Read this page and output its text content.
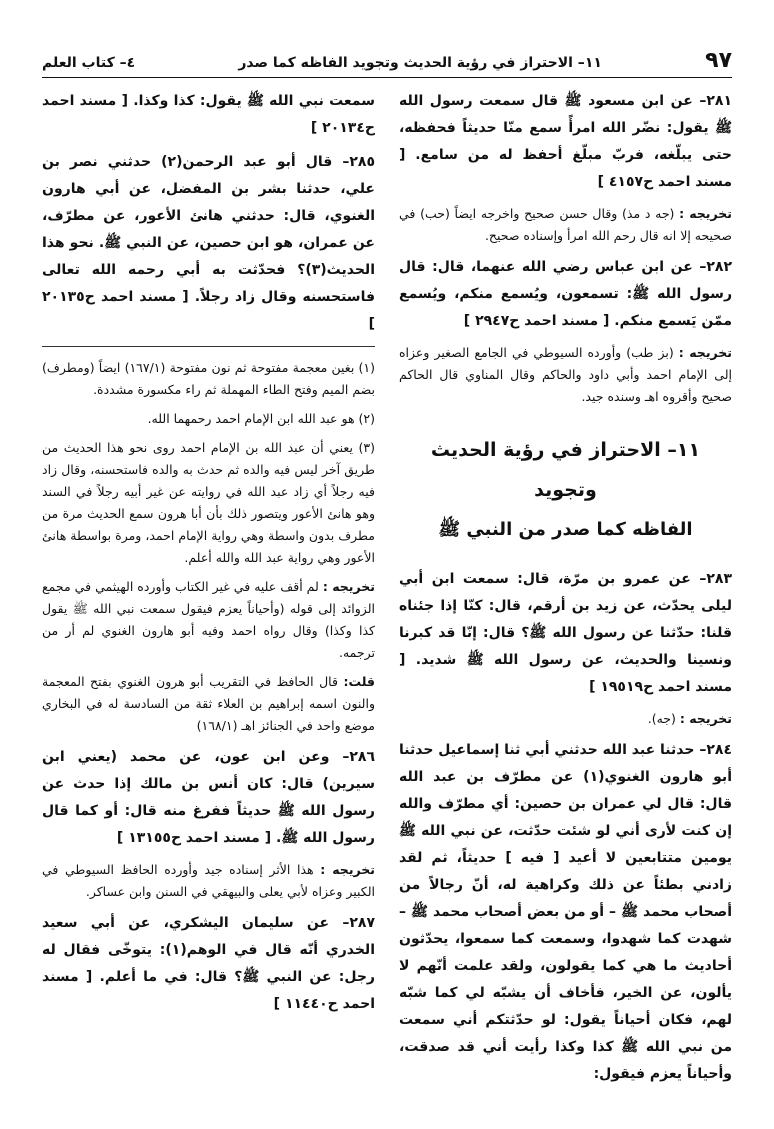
٩٧
١١– الاحتراز في رؤية الحديث وتجويد الفاظه كما صدر
٤– كتاب العلم

٢٨١– عن ابن مسعود ﷺ قال سمعت رسول الله ﷺ يقول: نضّر الله امرأً سمع منّا حديثاً فحفظه، حتى يبلّغه، فربّ مبلّغ أحفظ له من سامع. [ مسند احمد ح٤١٥٧ ]

تخريجه : (جه د مذ) وقال حسن صحيح واخرجه ايضاً (حب) في صحيحه إلا انه قال رحم الله امرأ وإسناده صحيح.

٢٨٢– عن ابن عباس رضي الله عنهما، قال: قال رسول الله ﷺ: تسمعون، ويُسمع منكم، ويُسمع ممّن يَسمع منكم. [ مسند احمد ح٢٩٤٧ ]

تخريجه : (بز طب) وأورده السيوطي في الجامع الصغير وعزاه إلى الإمام احمد وأبي داود والحاكم وقال المناوي قال الحاكم صحيح وأقروه اهـ وسنده جيد.

١١– الاحتراز في رؤية الحديث وتجويد
الفاظه كما صدر من النبي ﷺ

٢٨٣– عن عمرو بن مرّة، قال: سمعت ابن أبي ليلى يحدّث، عن زيد بن أرقم، قال: كنّا إذا جئناه قلنا: حدّثنا عن رسول الله ﷺ؟ قال: إنّا قد كبرنا ونسينا والحديث، عن رسول الله ﷺ شديد. [ مسند احمد ح١٩٥١٩ ]

تخريجه : (جه).

٢٨٤– حدثنا عبد الله حدثني أبي ثنا إسماعيل حدثنا أبو هارون الغنوي(١) عن مطرّف بن عبد الله قال: قال لي عمران بن حصين: أي مطرّف والله إن كنت لأرى أني لو شئت حدّثت، عن نبي الله ﷺ يومين متتابعين لا أعيد [ فيه ] حديثاً، ثم لقد زادني بطئاً عن ذلك وكراهية له، أنّ رجالاً من أصحاب محمد ﷺ – أو من بعض أصحاب محمد ﷺ – شهدت كما شهدوا، وسمعت كما سمعوا، يحدّثون أحاديث ما هي كما يقولون، ولقد علمت أنّهم لا يألون، عن الخير، فأخاف أن يشبّه لي كما شبّه لهم، فكان أحياناً يقول: لو حدّثتكم أني سمعت من نبي الله ﷺ كذا وكذا رأيت أني قد صدقت، وأحياناً يعزم فيقول:

سمعت نبي الله ﷺ يقول: كذا وكذا. [ مسند احمد ح٢٠١٣٤ ]

٢٨٥– قال أبو عبد الرحمن(٢) حدثني نصر بن علي، حدثنا بشر بن المفضل، عن أبي هارون الغنوي، قال: حدثني هانئ الأعور، عن مطرّف، عن عمران، هو ابن حصين، عن النبي ﷺ. نحو هذا الحديث(٣)؟ فحدّثت به أبي رحمه الله تعالى فاستحسنه وقال زاد رجلاً. [ مسند احمد ح٢٠١٣٥ ]

(١) بغين معجمة مفتوحة ثم نون مفتوحة (١٦٧/١) ايضاً (ومطرف) بضم الميم وفتح الطاء المهملة ثم راء مكسورة مشددة.

(٢) هو عبد الله ابن الإمام احمد رحمهما الله.

(٣) يعني أن عبد الله بن الإمام احمد روى نحو هذا الحديث من طريق آخر ليس فيه والده ثم حدث به والده فاستحسنه، وقال زاد فيه رجلاً أي زاد عبد الله في روايته عن غير أبيه رجلاً في السند وهو هانئ الأعور ويتصور ذلك بأن أبا هرون سمع الحديث مرة من مطرف بدون واسطة وهي رواية الإمام احمد، ومرة بواسطة هانئ الأعور وهي رواية عبد الله والله أعلم.

تخريجه : لم أقف عليه في غير الكتاب وأورده الهيثمي في مجمع الزوائد إلى قوله (وأحياناً يعزم فيقول سمعت نبي الله ﷺ يقول كذا وكذا) وقال رواه احمد وفيه أبو هارون الغنوي لم أر من ترجمه.

قلت: قال الحافظ في التقريب أبو هرون الغنوي بفتح المعجمة والنون اسمه إبراهيم بن العلاء ثقة من السادسة له في البخاري موضع واحد في الجنائز اهـ (١٦٨/١)

٢٨٦– وعن ابن عون، عن محمد (يعني ابن سيرين) قال: كان أنس بن مالك إذا حدث عن رسول الله ﷺ حديثاً ففرغ منه قال: أو كما قال رسول الله ﷺ. [ مسند احمد ح١٣١٥٥ ]

تخريجه : هذا الأثر إسناده جيد وأورده الحافظ السيوطي في الكبير وعزاه لأبي يعلى والبيهقي في السنن وابن عساكر.

٢٨٧– عن سليمان اليشكري، عن أبي سعيد الخدري أنّه قال في الوهم(١): يتوخّى فقال له رجل: عن النبي ﷺ؟ قال: في ما أعلم. [ مسند احمد ح١١٤٤٠ ]
